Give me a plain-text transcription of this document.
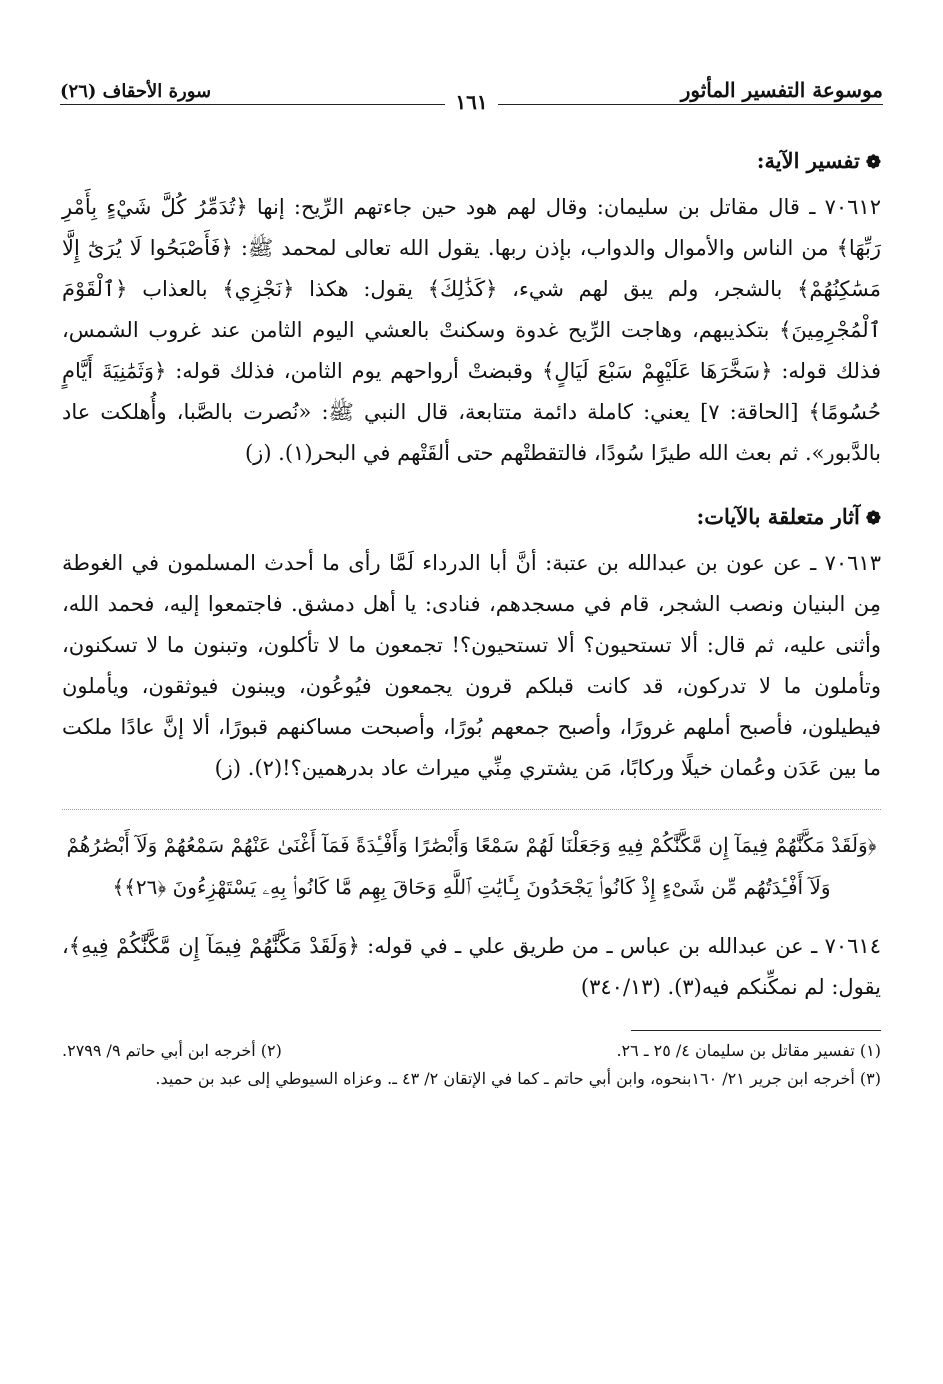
سورة الأحقاف (٢٦)	موسوعة التفسير المأثور
١٦١

❁تفسير الآية:

٧٠٦١٢ ـ قال مقاتل بن سليمان: وقال لهم هود حين جاءتهم الرِّيح: إنها ﴿تُدَمِّرُ كُلَّ شَيْءٍ بِأَمْرِ رَبِّهَا﴾ من الناس والأموال والدواب، بإذن ربها. يقول الله تعالى لمحمد ﷺ: ﴿فَأَصْبَحُوا لَا يُرَىٰٓ إِلَّا مَسَٰكِنُهُمْ﴾ بالشجر، ولم يبق لهم شيء، ﴿كَذَٰلِكَ﴾ يقول: هكذا ﴿نَجْزِي﴾ بالعذاب ﴿ٱلْقَوْمَ ٱلْمُجْرِمِينَ﴾ بتكذيبهم، وهاجت الرِّيح غدوة وسكنتْ بالعشي اليوم الثامن عند غروب الشمس، فذلك قوله: ﴿سَخَّرَهَا عَلَيْهِمْ سَبْعَ لَيَالٍ﴾ وقبضتْ أرواحهم يوم الثامن، فذلك قوله: ﴿وَثَمَٰنِيَةَ أَيَّامٍ حُسُومًا﴾ [الحاقة: ٧] يعني: كاملة دائمة متتابعة، قال النبي ﷺ: «نُصرت بالصَّبا، وأُهلكت عاد بالدَّبور». ثم بعث الله طيرًا سُودًا، فالتقطتْهم حتى ألقَتْهم في البحر(١). (ز)

❁آثار متعلقة بالآيات:

٧٠٦١٣ ـ عن عون بن عبدالله بن عتبة: أنَّ أبا الدرداء لَمَّا رأى ما أحدث المسلمون في الغوطة مِن البنيان ونصب الشجر، قام في مسجدهم، فنادى: يا أهل دمشق. فاجتمعوا إليه، فحمد الله، وأثنى عليه، ثم قال: ألا تستحيون؟ ألا تستحيون؟! تجمعون ما لا تأكلون، وتبنون ما لا تسكنون، وتأملون ما لا تدركون، قد كانت قبلكم قرون يجمعون فيُوعُون، ويبنون فيوثقون، ويأملون فيطيلون، فأصبح أملهم غرورًا، وأصبح جمعهم بُورًا، وأصبحت مساكنهم قبورًا، ألا إنَّ عادًا ملكت ما بين عَدَن وعُمان خيلًا وركابًا، مَن يشتري مِنِّي ميراث عاد بدرهمين؟!(٢). (ز)

﴿وَلَقَدْ مَكَّنَّٰهُمْ فِيمَآ إِن مَّكَّنَّٰكُمْ فِيهِ وَجَعَلْنَا لَهُمْ سَمْعًا وَأَبْصَٰرًا وَأَفْـِٔدَةً فَمَآ أَغْنَىٰ عَنْهُمْ سَمْعُهُمْ وَلَآ أَبْصَٰرُهُمْ وَلَآ أَفْـِٔدَتُهُم مِّن شَىْءٍ إِذْ كَانُوا۟ يَجْحَدُونَ بِـَٔايَٰتِ ٱللَّهِ وَحَاقَ بِهِم مَّا كَانُوا۟ بِهِۦ يَسْتَهْزِءُونَ ﴿٢٦﴾﴾

٧٠٦١٤ ـ عن عبدالله بن عباس ـ من طريق علي ـ في قوله: ﴿وَلَقَدْ مَكَّنَّٰهُمْ فِيمَآ إِن مَّكَّنَّٰكُمْ فِيهِ﴾، يقول: لم نمكِّنكم فيه(٣). (٣٤٠/١٣)

(١) تفسير مقاتل بن سليمان ٤/ ٢٥ ـ ٢٦.
(٢) أخرجه ابن أبي حاتم ٩/ ٢٧٩٩.
(٣) أخرجه ابن جرير ٢١/ ١٦٠بنحوه، وابن أبي حاتم ـ كما في الإتقان ٢/ ٤٣ ـ. وعزاه السيوطي إلى عبد بن حميد.
